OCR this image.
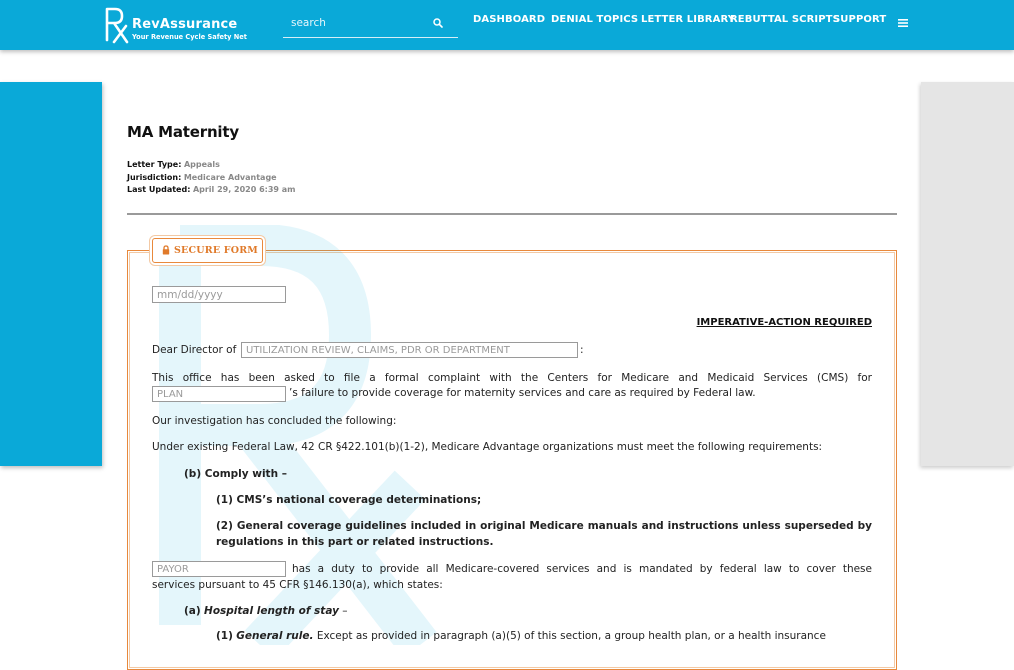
RevAssurance
Your Revenue Cycle Safety Net
search
DASHBOARD DENIAL TOPICS LETTER LIBRARY
REBUTTAL SCRIPTS
SUPPORT
MA Maternity
Letter Type: Appeals
Jurisdiction: Medicare Advantage
Last Updated: April 29, 2020 6:39 am
SECURE FORM
mm/dd/yyyy
IMPERATIVE-ACTION REQUIRED
Dear Director of
UTILIZATION REVIEW, CLAIMS, PDR OR DEPARTMENT	:
This office has been asked to file a formal complaint with the Centers for Medicare and Medicaid Services (CMS) for
PLAN
’s failure to provide coverage for maternity services and care as required by Federal law.
Our investigation has concluded the following:
Under existing Federal Law, 42 CR §422.101(b)(1-2), Medicare Advantage organizations must meet the following requirements:
(b) Comply with –
(1) CMS’s national coverage determinations;
(2) General coverage guidelines included in original Medicare manuals and instructions unless superseded by
regulations in this part or related instructions.
PAYOR
has a duty to provide all Medicare-covered services and is mandated by federal law to cover these
services pursuant to 45 CFR §146.130(a), which states:
(a) Hospital length of stay –
(1) General rule. Except as provided in paragraph (a)(5) of this section, a group health plan, or a health insurance
